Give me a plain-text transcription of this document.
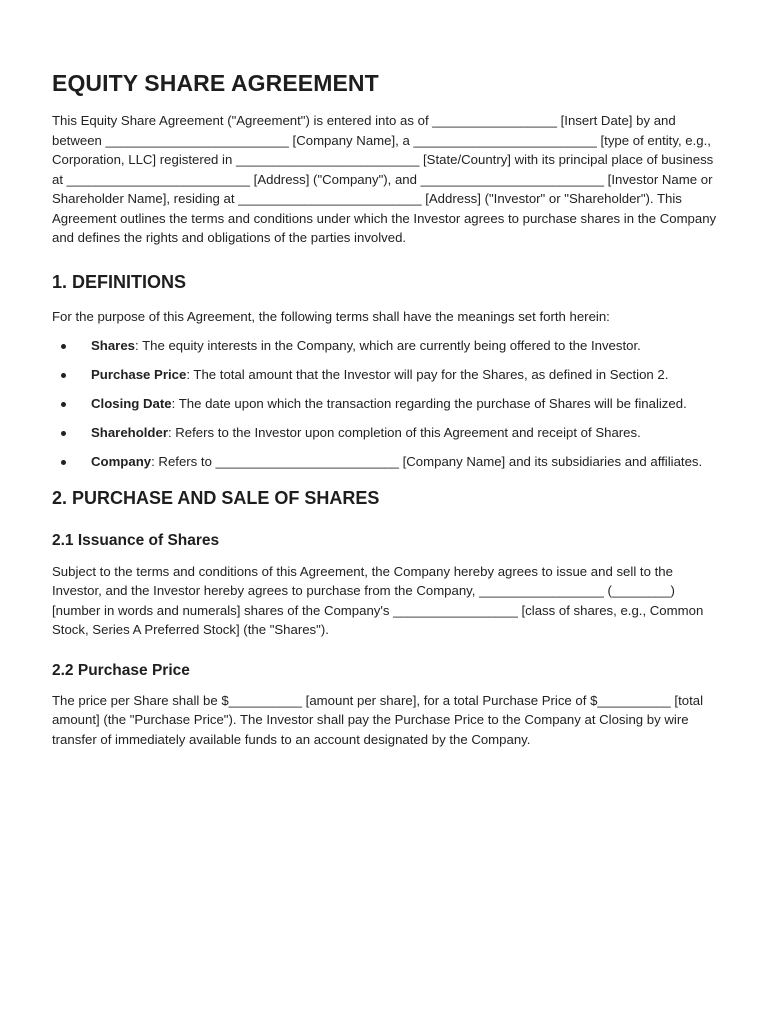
EQUITY SHARE AGREEMENT

This Equity Share Agreement ("Agreement") is entered into as of _________________ [Insert Date] by and between _________________________ [Company Name], a _________________________ [type of entity, e.g., Corporation, LLC] registered in _________________________ [State/Country] with its principal place of business at _________________________ [Address] ("Company"), and _________________________ [Investor Name or Shareholder Name], residing at _________________________ [Address] ("Investor" or "Shareholder"). This Agreement outlines the terms and conditions under which the Investor agrees to purchase shares in the Company and defines the rights and obligations of the parties involved.

1. DEFINITIONS

For the purpose of this Agreement, the following terms shall have the meanings set forth herein:

Shares: The equity interests in the Company, which are currently being offered to the Investor.
Purchase Price: The total amount that the Investor will pay for the Shares, as defined in Section 2.
Closing Date: The date upon which the transaction regarding the purchase of Shares will be finalized.
Shareholder: Refers to the Investor upon completion of this Agreement and receipt of Shares.
Company: Refers to _________________________ [Company Name] and its subsidiaries and affiliates.
2. PURCHASE AND SALE OF SHARES
2.1 Issuance of Shares

Subject to the terms and conditions of this Agreement, the Company hereby agrees to issue and sell to the Investor, and the Investor hereby agrees to purchase from the Company, _________________ (________) [number in words and numerals] shares of the Company's _________________ [class of shares, e.g., Common Stock, Series A Preferred Stock] (the "Shares").

2.2 Purchase Price

The price per Share shall be $__________ [amount per share], for a total Purchase Price of $__________ [total amount] (the "Purchase Price"). The Investor shall pay the Purchase Price to the Company at Closing by wire transfer of immediately available funds to an account designated by the Company.
